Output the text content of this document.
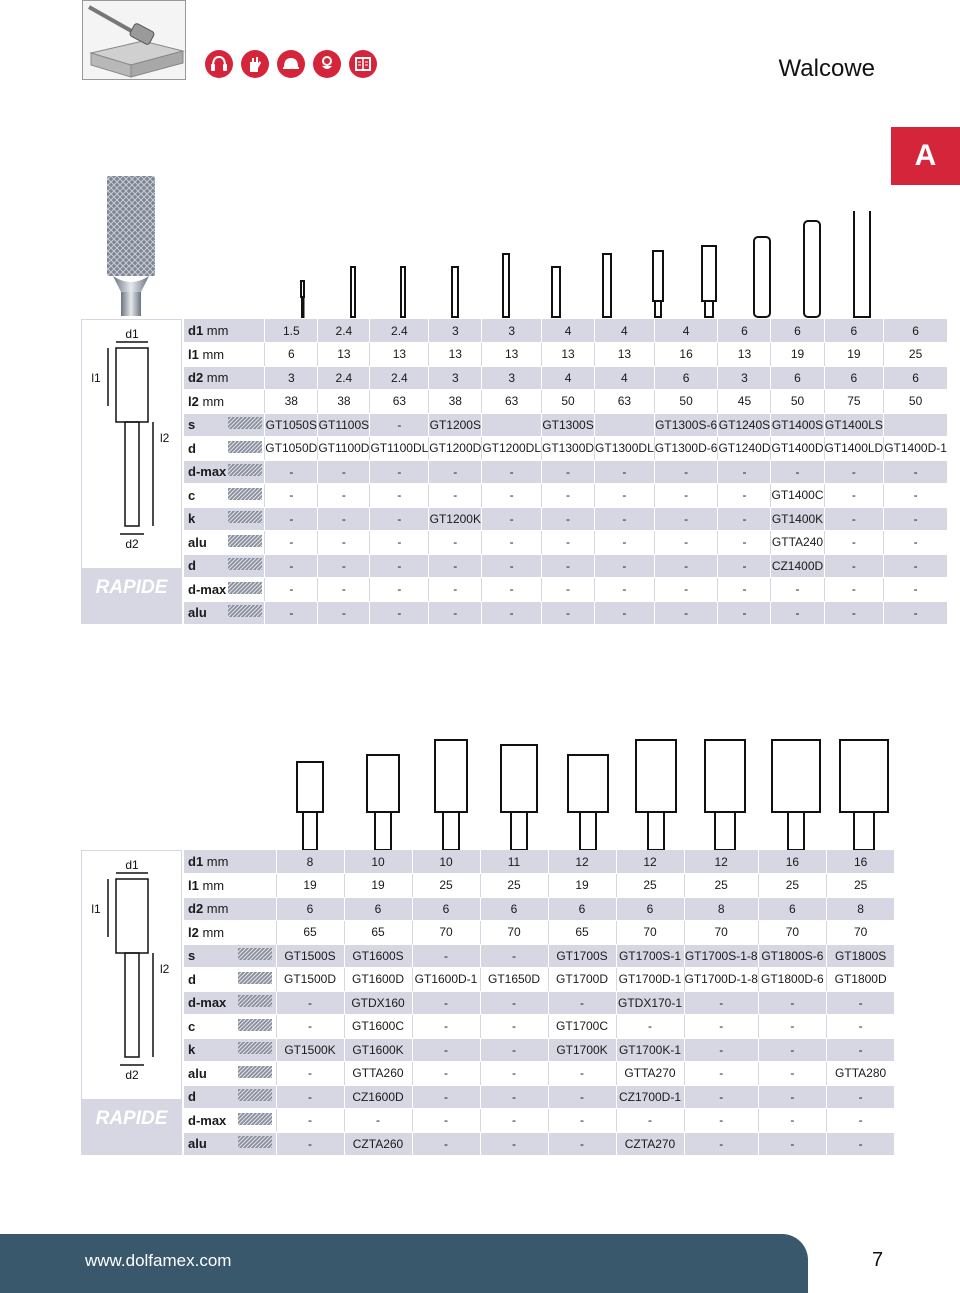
Walcowe
A
d1
l1
l2
d2
RAPIDE
d1 mm		1.5	2.4	2.4	3	3	4	4	4	6	6	6	6
l1 mm		6	13	13	13	13	13	13	16	13	19	19	25
d2 mm		3	2.4	2.4	3	3	4	4	6	3	6	6	6
l2 mm		38	38	63	38	63	50	63	50	45	50	75	50
s		GT1050S	GT1100S	-	GT1200S		GT1300S		GT1300S-6	GT1240S	GT1400S	GT1400LS	
d		GT1050D	GT1100D	GT1100DL	GT1200D	GT1200DL	GT1300D	GT1300DL	GT1300D-6	GT1240D	GT1400D	GT1400LD	GT1400D-1
d-max		-	-	-	-	-	-	-	-	-	-	-	-
c		-	-	-	-	-	-	-	-	-	GT1400C	-	-
k		-	-	-	GT1200K	-	-	-	-	-	GT1400K	-	-
alu		-	-	-	-	-	-	-	-	-	GTTA240	-	-
d		-	-	-	-	-	-	-	-	-	CZ1400D	-	-
d-max		-	-	-	-	-	-	-	-	-	-	-	-
alu		-	-	-	-	-	-	-	-	-	-	-	-
d1
l1
l2
d2
RAPIDE
d1 mm		8	10	10	11	12	12	12	16	16
l1 mm		19	19	25	25	19	25	25	25	25
d2 mm		6	6	6	6	6	6	8	6	8
l2 mm		65	65	70	70	65	70	70	70	70
s		GT1500S	GT1600S	-	-	GT1700S	GT1700S-1	GT1700S-1-8	GT1800S-6	GT1800S
d		GT1500D	GT1600D	GT1600D-1	GT1650D	GT1700D	GT1700D-1	GT1700D-1-8	GT1800D-6	GT1800D
d-max		-	GTDX160	-	-	-	GTDX170-1	-	-	-
c		-	GT1600C	-	-	GT1700C	-	-	-	-
k		GT1500K	GT1600K	-	-	GT1700K	GT1700K-1	-	-	-
alu		-	GTTA260	-	-	-	GTTA270	-	-	GTTA280
d		-	CZ1600D	-	-	-	CZ1700D-1	-	-	-
d-max		-	-	-	-	-	-	-	-	-
alu		-	CZTA260	-	-	-	CZTA270	-	-	-
www.dolfamex.com	7
